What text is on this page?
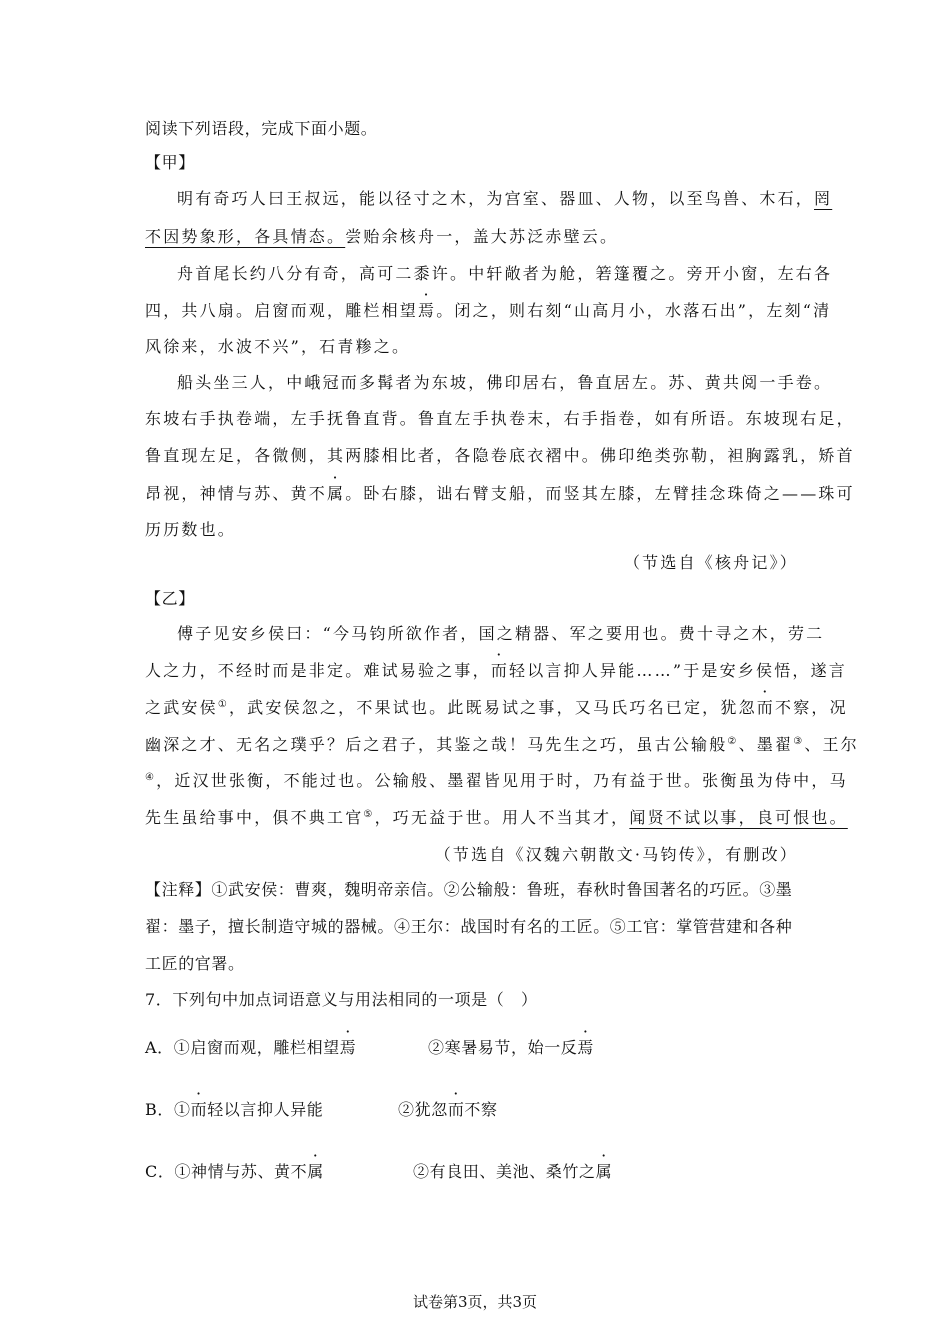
阅读下列语段，完成下面小题。
【甲】
明有奇巧人曰王叔远，能以径寸之木，为宫室、器皿、人物，以至鸟兽、木石，罔
不因势象形，各具情态。尝贻余核舟一，盖大苏泛赤壁云。
舟首尾长约八分有奇，高可二黍许。中轩敞者为舱，箬篷覆之。旁开小窗，左右各
四，共八扇。启窗而观，雕栏相望焉。闭之，则右刻“山高月小，水落石出”，左刻“清
风徐来，水波不兴”，石青糁之。
船头坐三人，中峨冠而多髯者为东坡，佛印居右，鲁直居左。苏、黄共阅一手卷。
东坡右手执卷端，左手抚鲁直背。鲁直左手执卷末，右手指卷，如有所语。东坡现右足，
鲁直现左足，各微侧，其两膝相比者，各隐卷底衣褶中。佛印绝类弥勒，袒胸露乳，矫首
昂视，神情与苏、黄不属。卧右膝，诎右臂支船，而竖其左膝，左臂挂念珠倚之——珠可
历历数也。
（节选自《核舟记》）
【乙】
傅子见安乡侯曰：“今马钧所欲作者，国之精器、军之要用也。费十寻之木，劳二
人之力，不经时而是非定。难试易验之事，而轻以言抑人异能……”于是安乡侯悟，遂言
之武安侯①，武安侯忽之，不果试也。此既易试之事，又马氏巧名已定，犹忽而不察，况
幽深之才、无名之璞乎？后之君子，其鉴之哉！马先生之巧，虽古公输般②、墨翟③、王尔
④，近汉世张衡，不能过也。公输般、墨翟皆见用于时，乃有益于世。张衡虽为侍中，马
先生虽给事中，俱不典工官⑤，巧无益于世。用人不当其才，闻贤不试以事，良可恨也。
（节选自《汉魏六朝散文·马钧传》，有删改）
【注释】①武安侯：曹爽，魏明帝亲信。②公输般：鲁班，春秋时鲁国著名的巧匠。③墨
翟：墨子，擅长制造守城的器械。④王尔：战国时有名的工匠。⑤工官：掌管营建和各种
工匠的官署。
7．下列句中加点词语意义与用法相同的一项是（　）
A．①启窗而观，雕栏相望焉	②寒暑易节，始一反焉
B．①而轻以言抑人异能	②犹忽而不察
C．①神情与苏、黄不属	②有良田、美池、桑竹之属
试卷第3页，共3页
